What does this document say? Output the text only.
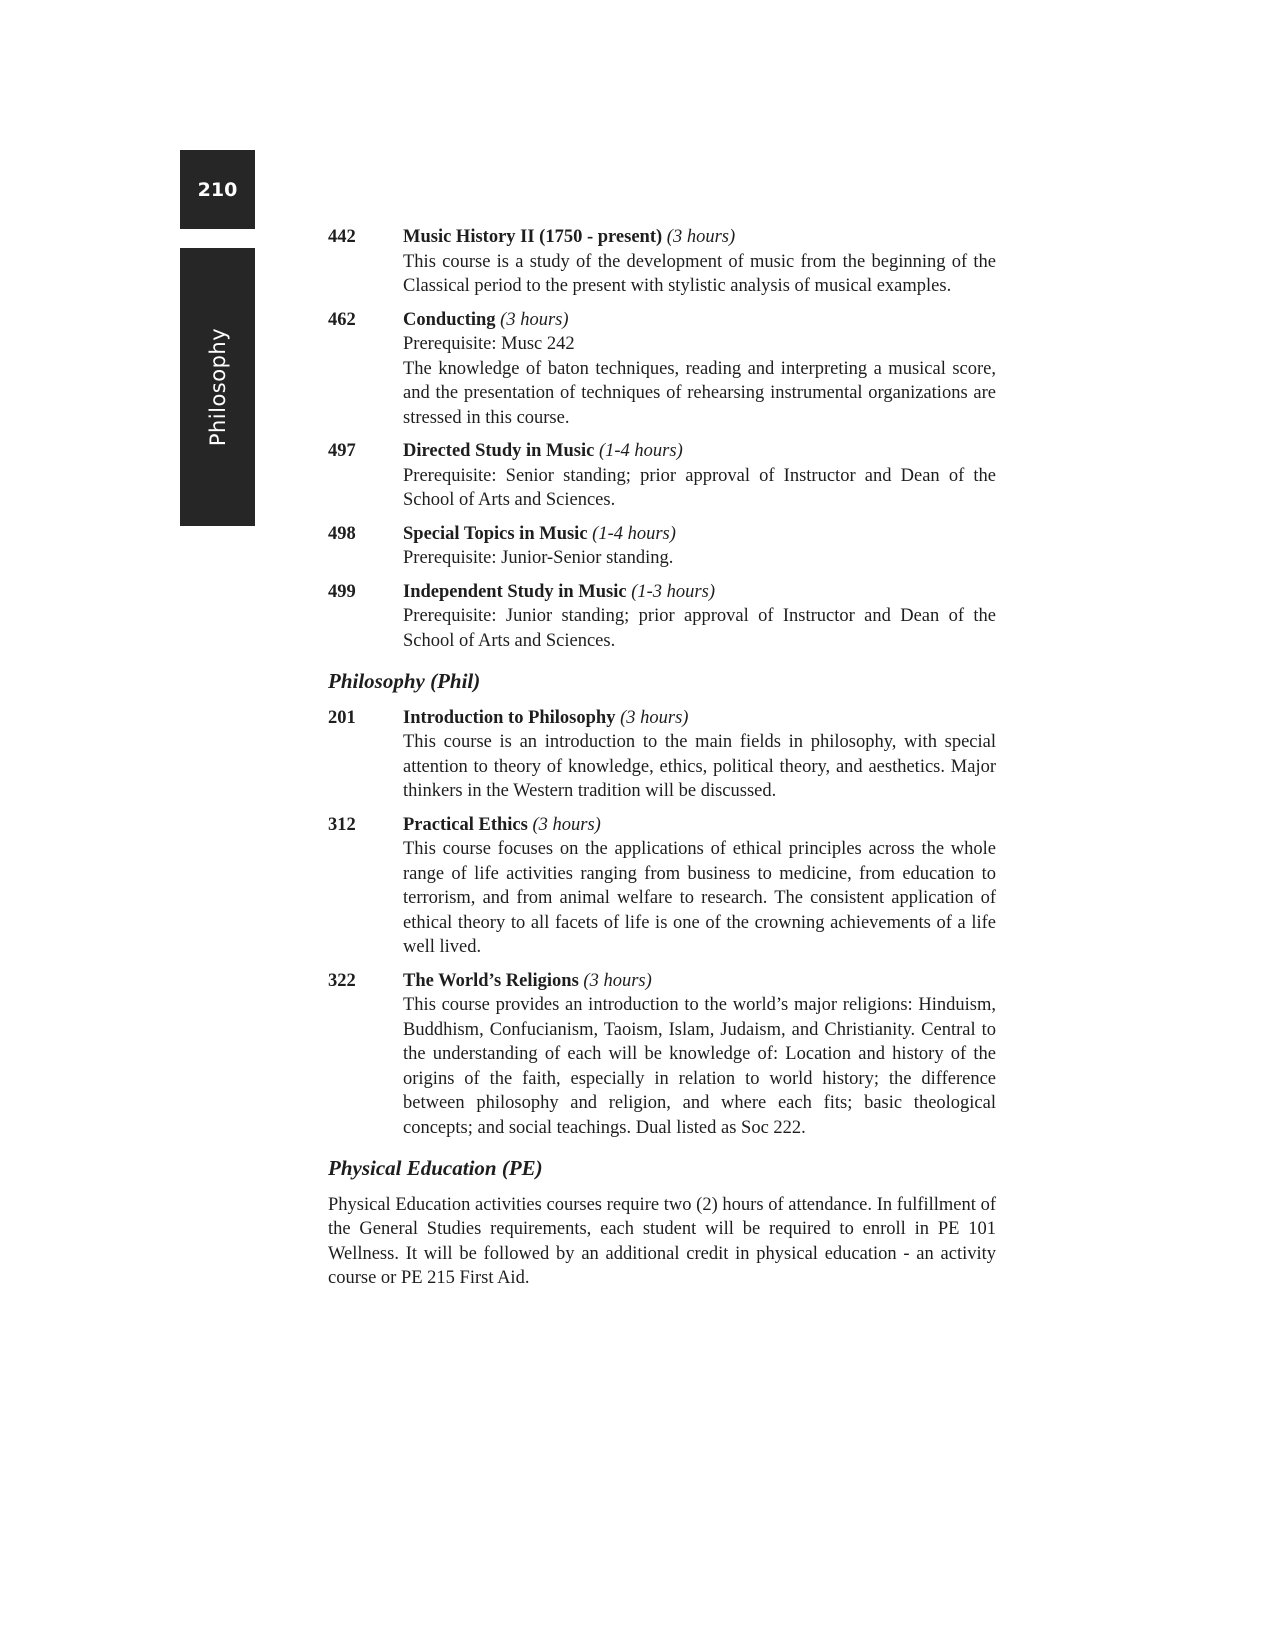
210
Philosophy
442	Music History II (1750 - present) (3 hours)
This course is a study of the development of music from the beginning of the Classical period to the present with stylistic analysis of musical examples.
462	Conducting (3 hours)
Prerequisite: Musc 242
The knowledge of baton techniques, reading and interpreting a musical score, and the presentation of techniques of rehearsing instrumental organizations are stressed in this course.
497	Directed Study in Music (1-4 hours)
Prerequisite: Senior standing; prior approval of Instructor and Dean of the School of Arts and Sciences.
498	Special Topics in Music (1-4 hours)
Prerequisite: Junior-Senior standing.
499	Independent Study in Music (1-3 hours)
Prerequisite: Junior standing; prior approval of Instructor and Dean of the School of Arts and Sciences.
Philosophy (Phil)
201	Introduction to Philosophy (3 hours)
This course is an introduction to the main fields in philosophy, with special attention to theory of knowledge, ethics, political theory, and aesthetics. Major thinkers in the Western tradition will be discussed.
312	Practical Ethics (3 hours)
This course focuses on the applications of ethical principles across the whole range of life activities ranging from business to medicine, from education to terrorism, and from animal welfare to research. The consistent application of ethical theory to all facets of life is one of the crowning achievements of a life well lived.
322	The World’s Religions (3 hours)
This course provides an introduction to the world’s major religions: Hinduism, Buddhism, Confucianism, Taoism, Islam, Judaism, and Christianity. Central to the understanding of each will be knowledge of: Location and history of the origins of the faith, especially in relation to world history; the difference between philosophy and religion, and where each fits; basic theological concepts; and social teachings. Dual listed as Soc 222.
Physical Education (PE)
Physical Education activities courses require two (2) hours of attendance. In fulfillment of the General Studies requirements, each student will be required to enroll in PE 101 Wellness. It will be followed by an additional credit in physical education - an activity course or PE 215 First Aid.
